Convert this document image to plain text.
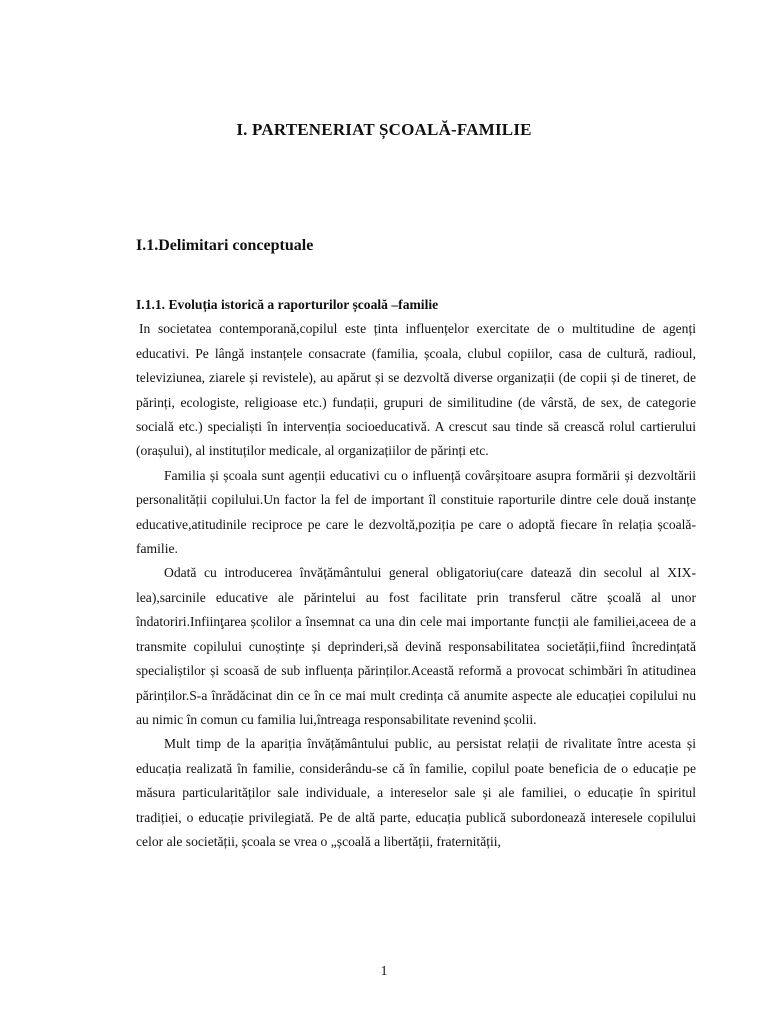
I. PARTENERIAT ȘCOALĂ-FAMILIE
I.1.Delimitari conceptuale

I.1.1. Evoluția istorică a raporturilor școală –familie

In societatea contemporană,copilul este ținta influențelor exercitate de o multitudine de agenți educativi. Pe lângă instanțele consacrate (familia, școala, clubul copiilor, casa de cultură, radioul, televiziunea, ziarele și revistele), au apărut și se dezvoltă diverse organizații (de copii și de tineret, de părinți, ecologiste, religioase etc.) fundații, grupuri de similitudine (de vârstă, de sex, de categorie socială etc.) specialiști în intervenția socioeducativă. A crescut sau tinde să crească rolul cartierului (orașului), al instituților medicale, al organizațiilor de părinți etc.

Familia și școala sunt agenții educativi cu o influență covârșitoare asupra formării și dezvoltării personalității copilului.Un factor la fel de important îl constituie raporturile dintre cele două instanțe educative,atitudinile reciproce pe care le dezvoltă,poziția pe care o adoptă fiecare în relația școală-familie.

Odată cu introducerea învățământului general obligatoriu(care datează din secolul al XIX-lea),sarcinile educative ale părintelui au fost facilitate prin transferul către școală al unor îndatoriri.Infiinţarea școlilor a însemnat ca una din cele mai importante funcții ale familiei,aceea de a transmite copilului cunoștințe și deprinderi,să devină responsabilitatea societății,fiind încredințată specialiștilor și scoasă de sub influența părinților.Această reformă a provocat schimbări în atitudinea părinților.S-a înrădăcinat din ce în ce mai mult credința că anumite aspecte ale educației copilului nu au nimic în comun cu familia lui,întreaga responsabilitate revenind școlii.

Mult timp de la apariția învățământului public, au persistat relații de rivalitate între acesta și educația realizată în familie, considerându-se că în familie, copilul poate beneficia de o educație pe măsura particularităților sale individuale, a intereselor sale și ale familiei, o educație în spiritul tradiției, o educație privilegiată. Pe de altă parte, educația publică subordonează interesele copilului celor ale societății, școala se vrea o „școală a libertății, fraternității,

1
